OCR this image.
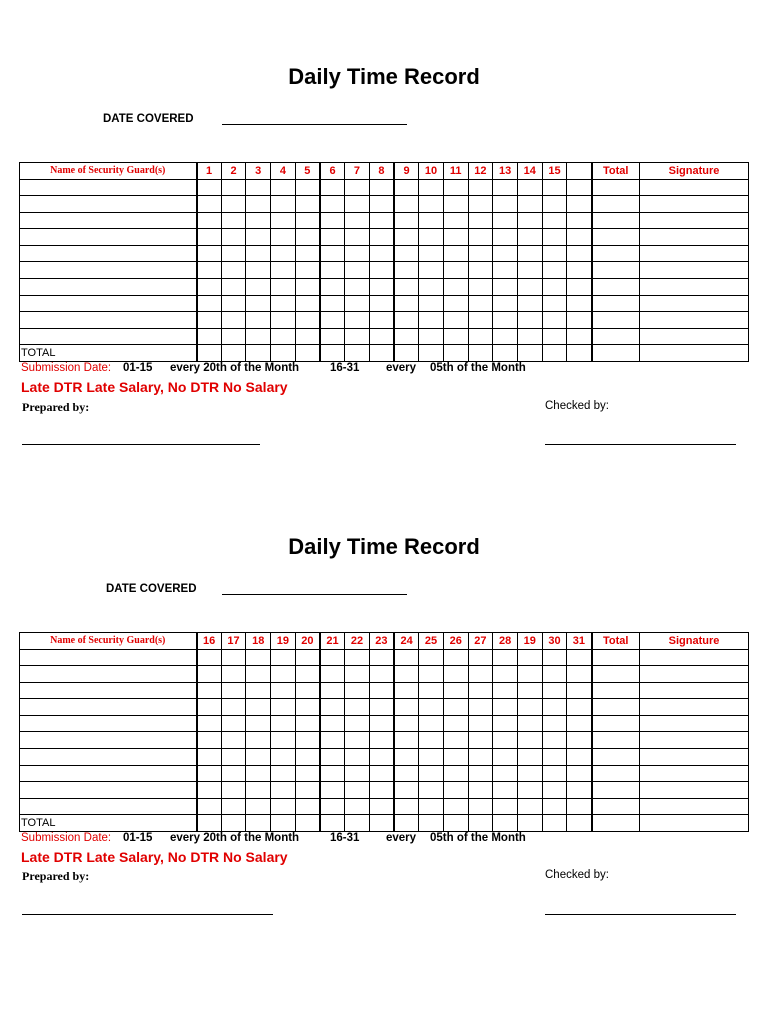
Daily Time Record
DATE COVERED
Name of Security Guard(s)	1	2	3	4	5	6	7	8	9	10	11	12	13	14	15		Total	Signature

TOTAL																		
Submission Date: 01-15 every 20th of the Month	16-31 every 05th of the Month
Late DTR Late Salary, No DTR No Salary
Prepared by:	Checked by:
Daily Time Record
DATE COVERED
Name of Security Guard(s)	16	17	18	19	20	21	22	23	24	25	26	27	28	19	30	31	Total	Signature

TOTAL																		
Submission Date: 01-15 every 20th of the Month	16-31 every 05th of the Month
Late DTR Late Salary, No DTR No Salary
Prepared by:	Checked by:
